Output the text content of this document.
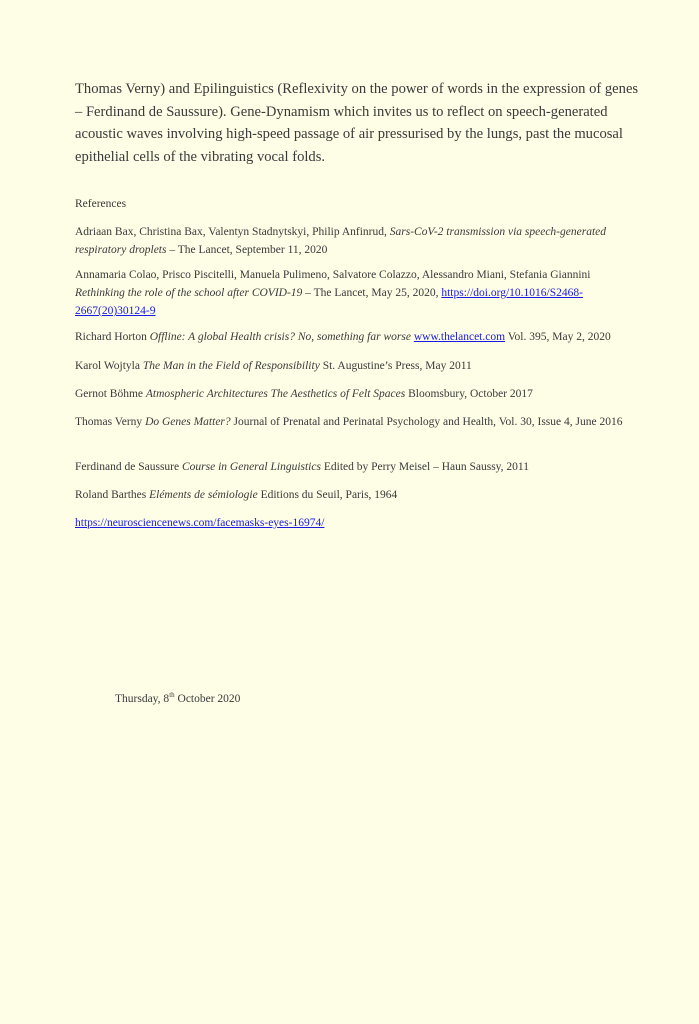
Thomas Verny) and Epilinguistics (Reflexivity on the power of words in the expression of genes – Ferdinand de Saussure). Gene-Dynamism which invites us to reflect on speech-generated acoustic waves involving high-speed passage of air pressurised by the lungs, past the mucosal epithelial cells of the vibrating vocal folds.

References

Adriaan Bax, Christina Bax, Valentyn Stadnytskyi, Philip Anfinrud, Sars-CoV-2 transmission via speech-generated respiratory droplets – The Lancet, September 11, 2020

Annamaria Colao, Prisco Piscitelli, Manuela Pulimeno, Salvatore Colazzo, Alessandro Miani, Stefania Giannini Rethinking the role of the school after COVID-19 – The Lancet, May 25, 2020, https://doi.org/10.1016/S2468-2667(20)30124-9

Richard Horton Offline: A global Health crisis? No, something far worse www.thelancet.com Vol. 395, May 2, 2020

Karol Wojtyla The Man in the Field of Responsibility St. Augustine’s Press, May 2011

Gernot Böhme Atmospheric Architectures The Aesthetics of Felt Spaces Bloomsbury, October 2017

Thomas Verny Do Genes Matter? Journal of Prenatal and Perinatal Psychology and Health, Vol. 30, Issue 4, June 2016

Ferdinand de Saussure Course in General Linguistics Edited by Perry Meisel – Haun Saussy, 2011

Roland Barthes Eléments de sémiologie Editions du Seuil, Paris, 1964

https://neurosciencenews.com/facemasks-eyes-16974/

Thursday, 8th October 2020
